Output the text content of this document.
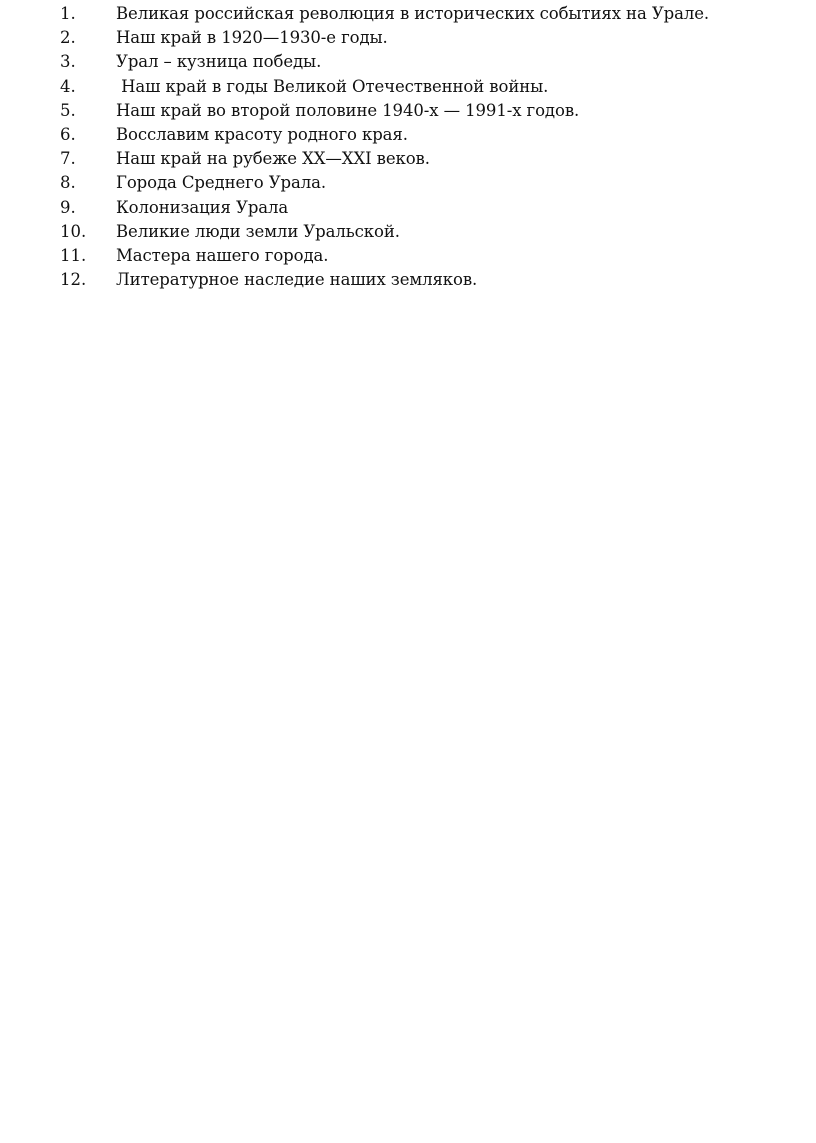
1.	Великая российская революция в исторических событиях на Урале.
2.	Наш край в 1920—1930-е годы.
3.	Урал – кузница победы.
4.	Наш край в годы Великой Отечественной войны.
5.	Наш край во второй половине 1940-х — 1991-х годов.
6.	Восславим красоту родного края.
7.	Наш край на рубеже XX—XXI веков.
8.	Города Среднего Урала.
9.	Колонизация Урала
10.	Великие люди земли Уральской.
11.	Мастера нашего города.
12.	Литературное наследие наших земляков.
